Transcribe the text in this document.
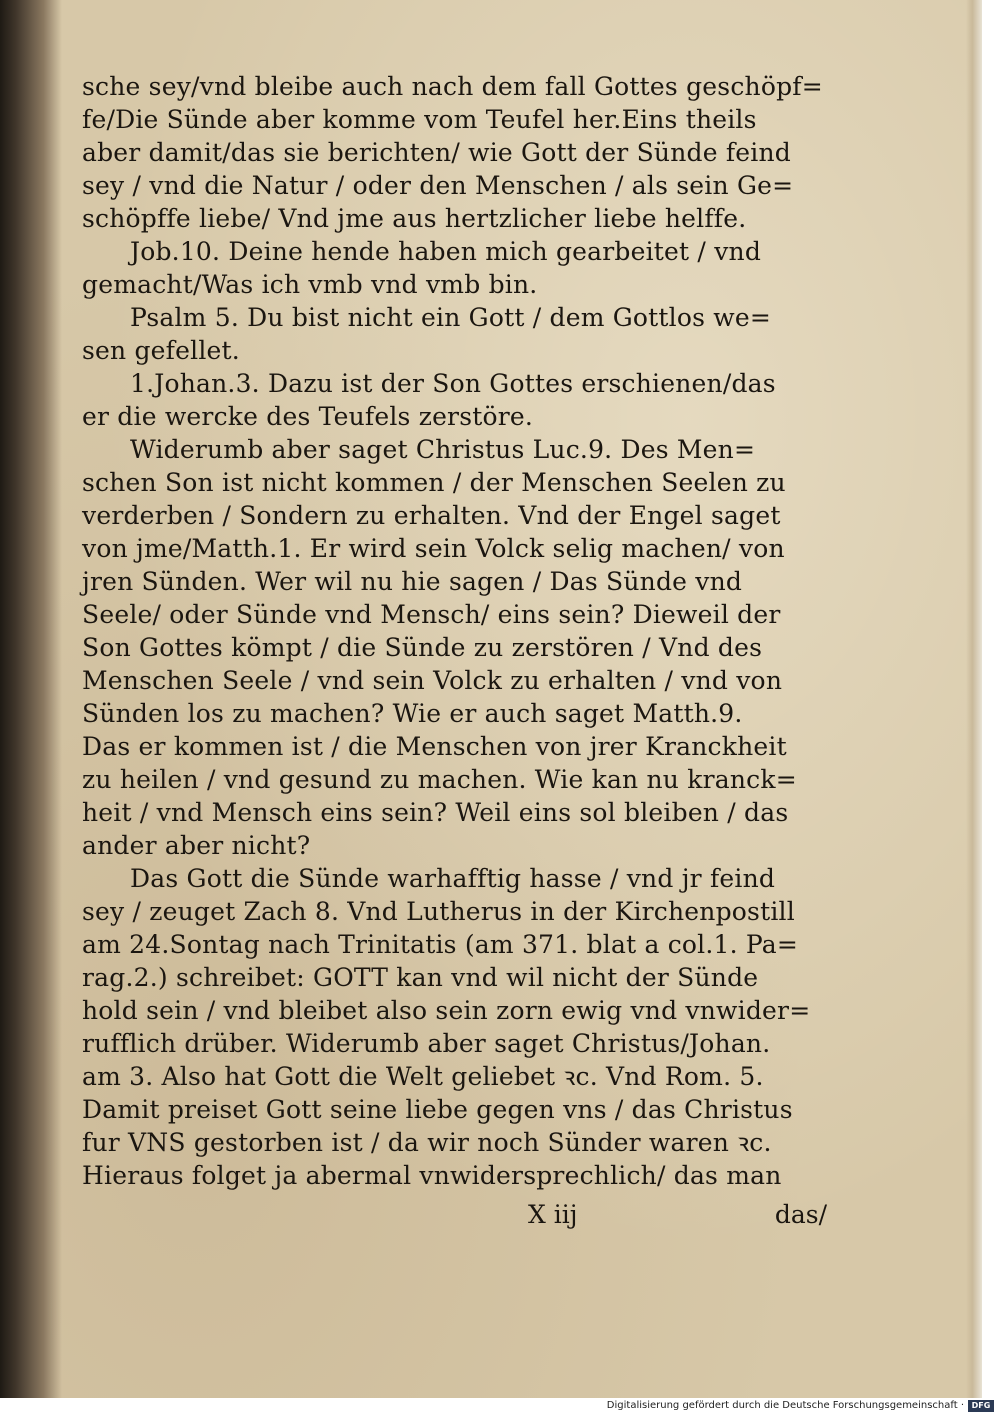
sche sey/vnd bleibe auch nach dem fall Gottes geschöpf=
fe/Die Sünde aber komme vom Teufel her.Eins theils
aber damit/das sie berichten/ wie Gott der Sünde feind
sey / vnd die Natur / oder den Menschen / als sein Ge=
schöpffe liebe/ Vnd jme aus hertzlicher liebe helffe.
Job.10. Deine hende haben mich gearbeitet / vnd
gemacht/Was ich vmb vnd vmb bin.
Psalm 5. Du bist nicht ein Gott / dem Gottlos we=
sen gefellet.
1.Johan.3. Dazu ist der Son Gottes erschienen/das
er die wercke des Teufels zerstöre.
Widerumb aber saget Christus Luc.9. Des Men=
schen Son ist nicht kommen / der Menschen Seelen zu
verderben / Sondern zu erhalten. Vnd der Engel saget
von jme/Matth.1. Er wird sein Volck selig machen/ von
jren Sünden. Wer wil nu hie sagen / Das Sünde vnd
Seele/ oder Sünde vnd Mensch/ eins sein? Dieweil der
Son Gottes kömpt / die Sünde zu zerstören / Vnd des
Menschen Seele / vnd sein Volck zu erhalten / vnd von
Sünden los zu machen? Wie er auch saget Matth.9.
Das er kommen ist / die Menschen von jrer Kranckheit
zu heilen / vnd gesund zu machen. Wie kan nu kranck=
heit / vnd Mensch eins sein? Weil eins sol bleiben / das
ander aber nicht?
Das Gott die Sünde warhafftig hasse / vnd jr feind
sey / zeuget Zach 8. Vnd Lutherus in der Kirchenpostill
am 24.Sontag nach Trinitatis (am 371. blat a col.1. Pa=
rag.2.) schreibet: GOTT kan vnd wil nicht der Sünde
hold sein / vnd bleibet also sein zorn ewig vnd vnwider=
rufflich drüber. Widerumb aber saget Christus/Johan.
am 3. Also hat Gott die Welt geliebet ꝛc. Vnd Rom. 5.
Damit preiset Gott seine liebe gegen vns / das Christus
fur VNS gestorben ist / da wir noch Sünder waren ꝛc.
Hieraus folget ja abermal vnwidersprechlich/ das man
X iij	das/
Digitalisierung gefördert durch die Deutsche Forschungsgemeinschaft · DFG
